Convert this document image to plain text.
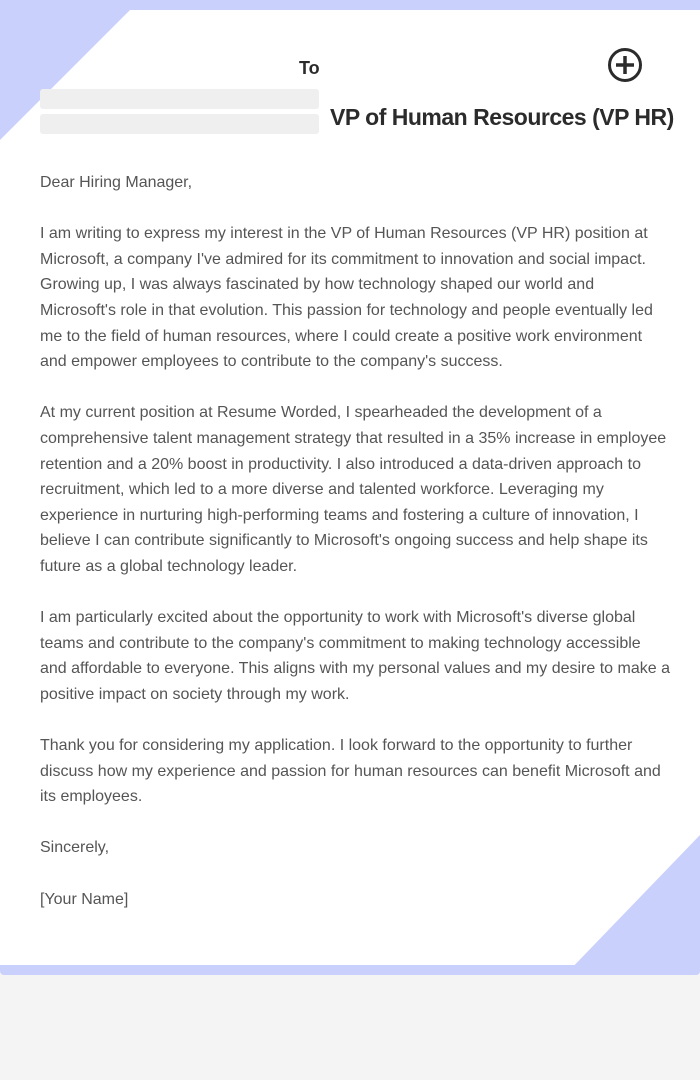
To
VP of Human Resources (VP HR)

Dear Hiring Manager,

I am writing to express my interest in the VP of Human Resources (VP HR) position at Microsoft, a company I've admired for its commitment to innovation and social impact. Growing up, I was always fascinated by how technology shaped our world and Microsoft's role in that evolution. This passion for technology and people eventually led me to the field of human resources, where I could create a positive work environment and empower employees to contribute to the company's success.

At my current position at Resume Worded, I spearheaded the development of a comprehensive talent management strategy that resulted in a 35% increase in employee retention and a 20% boost in productivity. I also introduced a data-driven approach to recruitment, which led to a more diverse and talented workforce. Leveraging my experience in nurturing high-performing teams and fostering a culture of innovation, I believe I can contribute significantly to Microsoft's ongoing success and help shape its future as a global technology leader.

I am particularly excited about the opportunity to work with Microsoft's diverse global teams and contribute to the company's commitment to making technology accessible and affordable to everyone. This aligns with my personal values and my desire to make a positive impact on society through my work.

Thank you for considering my application. I look forward to the opportunity to further discuss how my experience and passion for human resources can benefit Microsoft and its employees.

Sincerely,

[Your Name]
